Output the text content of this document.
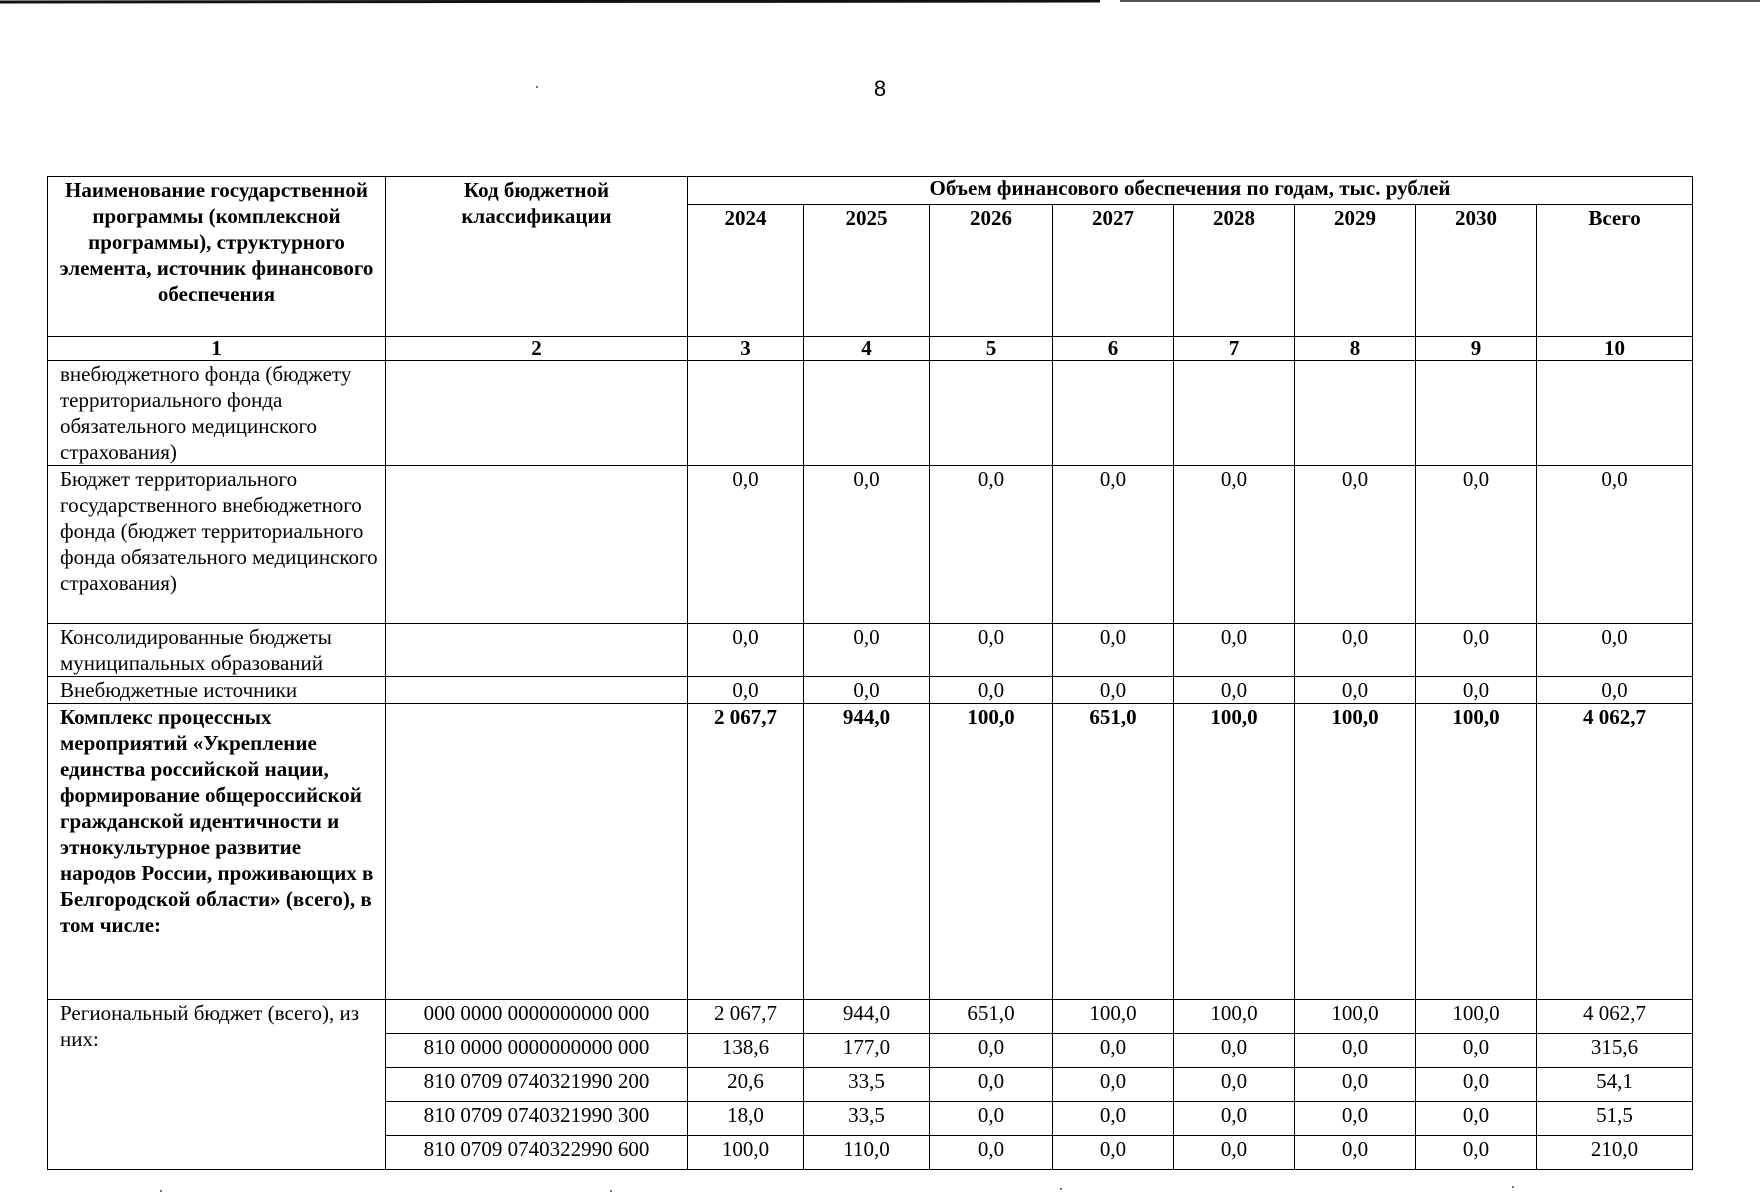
8
Наименование государственной программы (комплексной программы), структурного элемента, источник финансового обеспечения	Код бюджетной классификации	Объем финансового обеспечения по годам, тыс. рублей							
		2024	2025	2026	2027	2028	2029	2030	Всего
1	2	3	4	5	6	7	8	9	10
внебюджетного фонда (бюджету территориального фонда обязательного медицинского страхования)									
Бюджет территориального государственного внебюджетного фонда (бюджет территориального фонда обязательного медицинского страхования)		0,0	0,0	0,0	0,0	0,0	0,0	0,0	0,0
Консолидированные бюджеты муниципальных образований		0,0	0,0	0,0	0,0	0,0	0,0	0,0	0,0
Внебюджетные источники		0,0	0,0	0,0	0,0	0,0	0,0	0,0	0,0
Комплекс процессных мероприятий «Укрепление единства российской нации, формирование общероссийской гражданской идентичности и этнокультурное развитие народов России, проживающих в Белгородской области» (всего), в том числе:		2 067,7	944,0	100,0	651,0	100,0	100,0	100,0	4 062,7
Региональный бюджет (всего), из них:	000 0000 0000000000 000	2 067,7	944,0	651,0	100,0	100,0	100,0	100,0	4 062,7
	810 0000 0000000000 000	138,6	177,0	0,0	0,0	0,0	0,0	0,0	315,6
	810 0709 0740321990 200	20,6	33,5	0,0	0,0	0,0	0,0	0,0	54,1
	810 0709 0740321990 300	18,0	33,5	0,0	0,0	0,0	0,0	0,0	51,5
	810 0709 0740322990 600	100,0	110,0	0,0	0,0	0,0	0,0	0,0	210,0
